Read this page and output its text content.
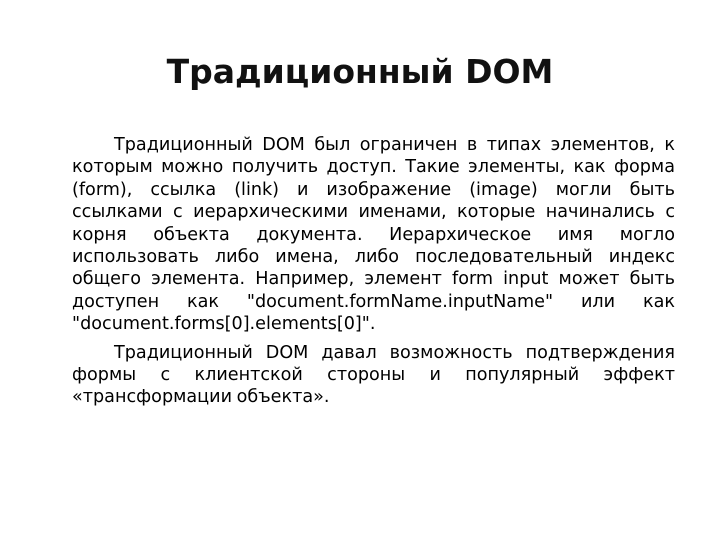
Традиционный DOM

Традиционный DOM был ограничен в типах элементов, к которым можно получить доступ. Такие элементы, как форма (form), ссылка (link) и изображение (image) могли быть ссылками с иерархическими именами, которые начинались с корня объекта документа. Иерархическое имя могло использовать либо имена, либо последовательный индекс общего элемента. Например, элемент form input может быть доступен как "document.formName.inputName" или как "document.forms[0].elements[0]".

Традиционный DOM давал возможность подтверждения формы с клиентской стороны и популярный эффект «трансформации объекта».
